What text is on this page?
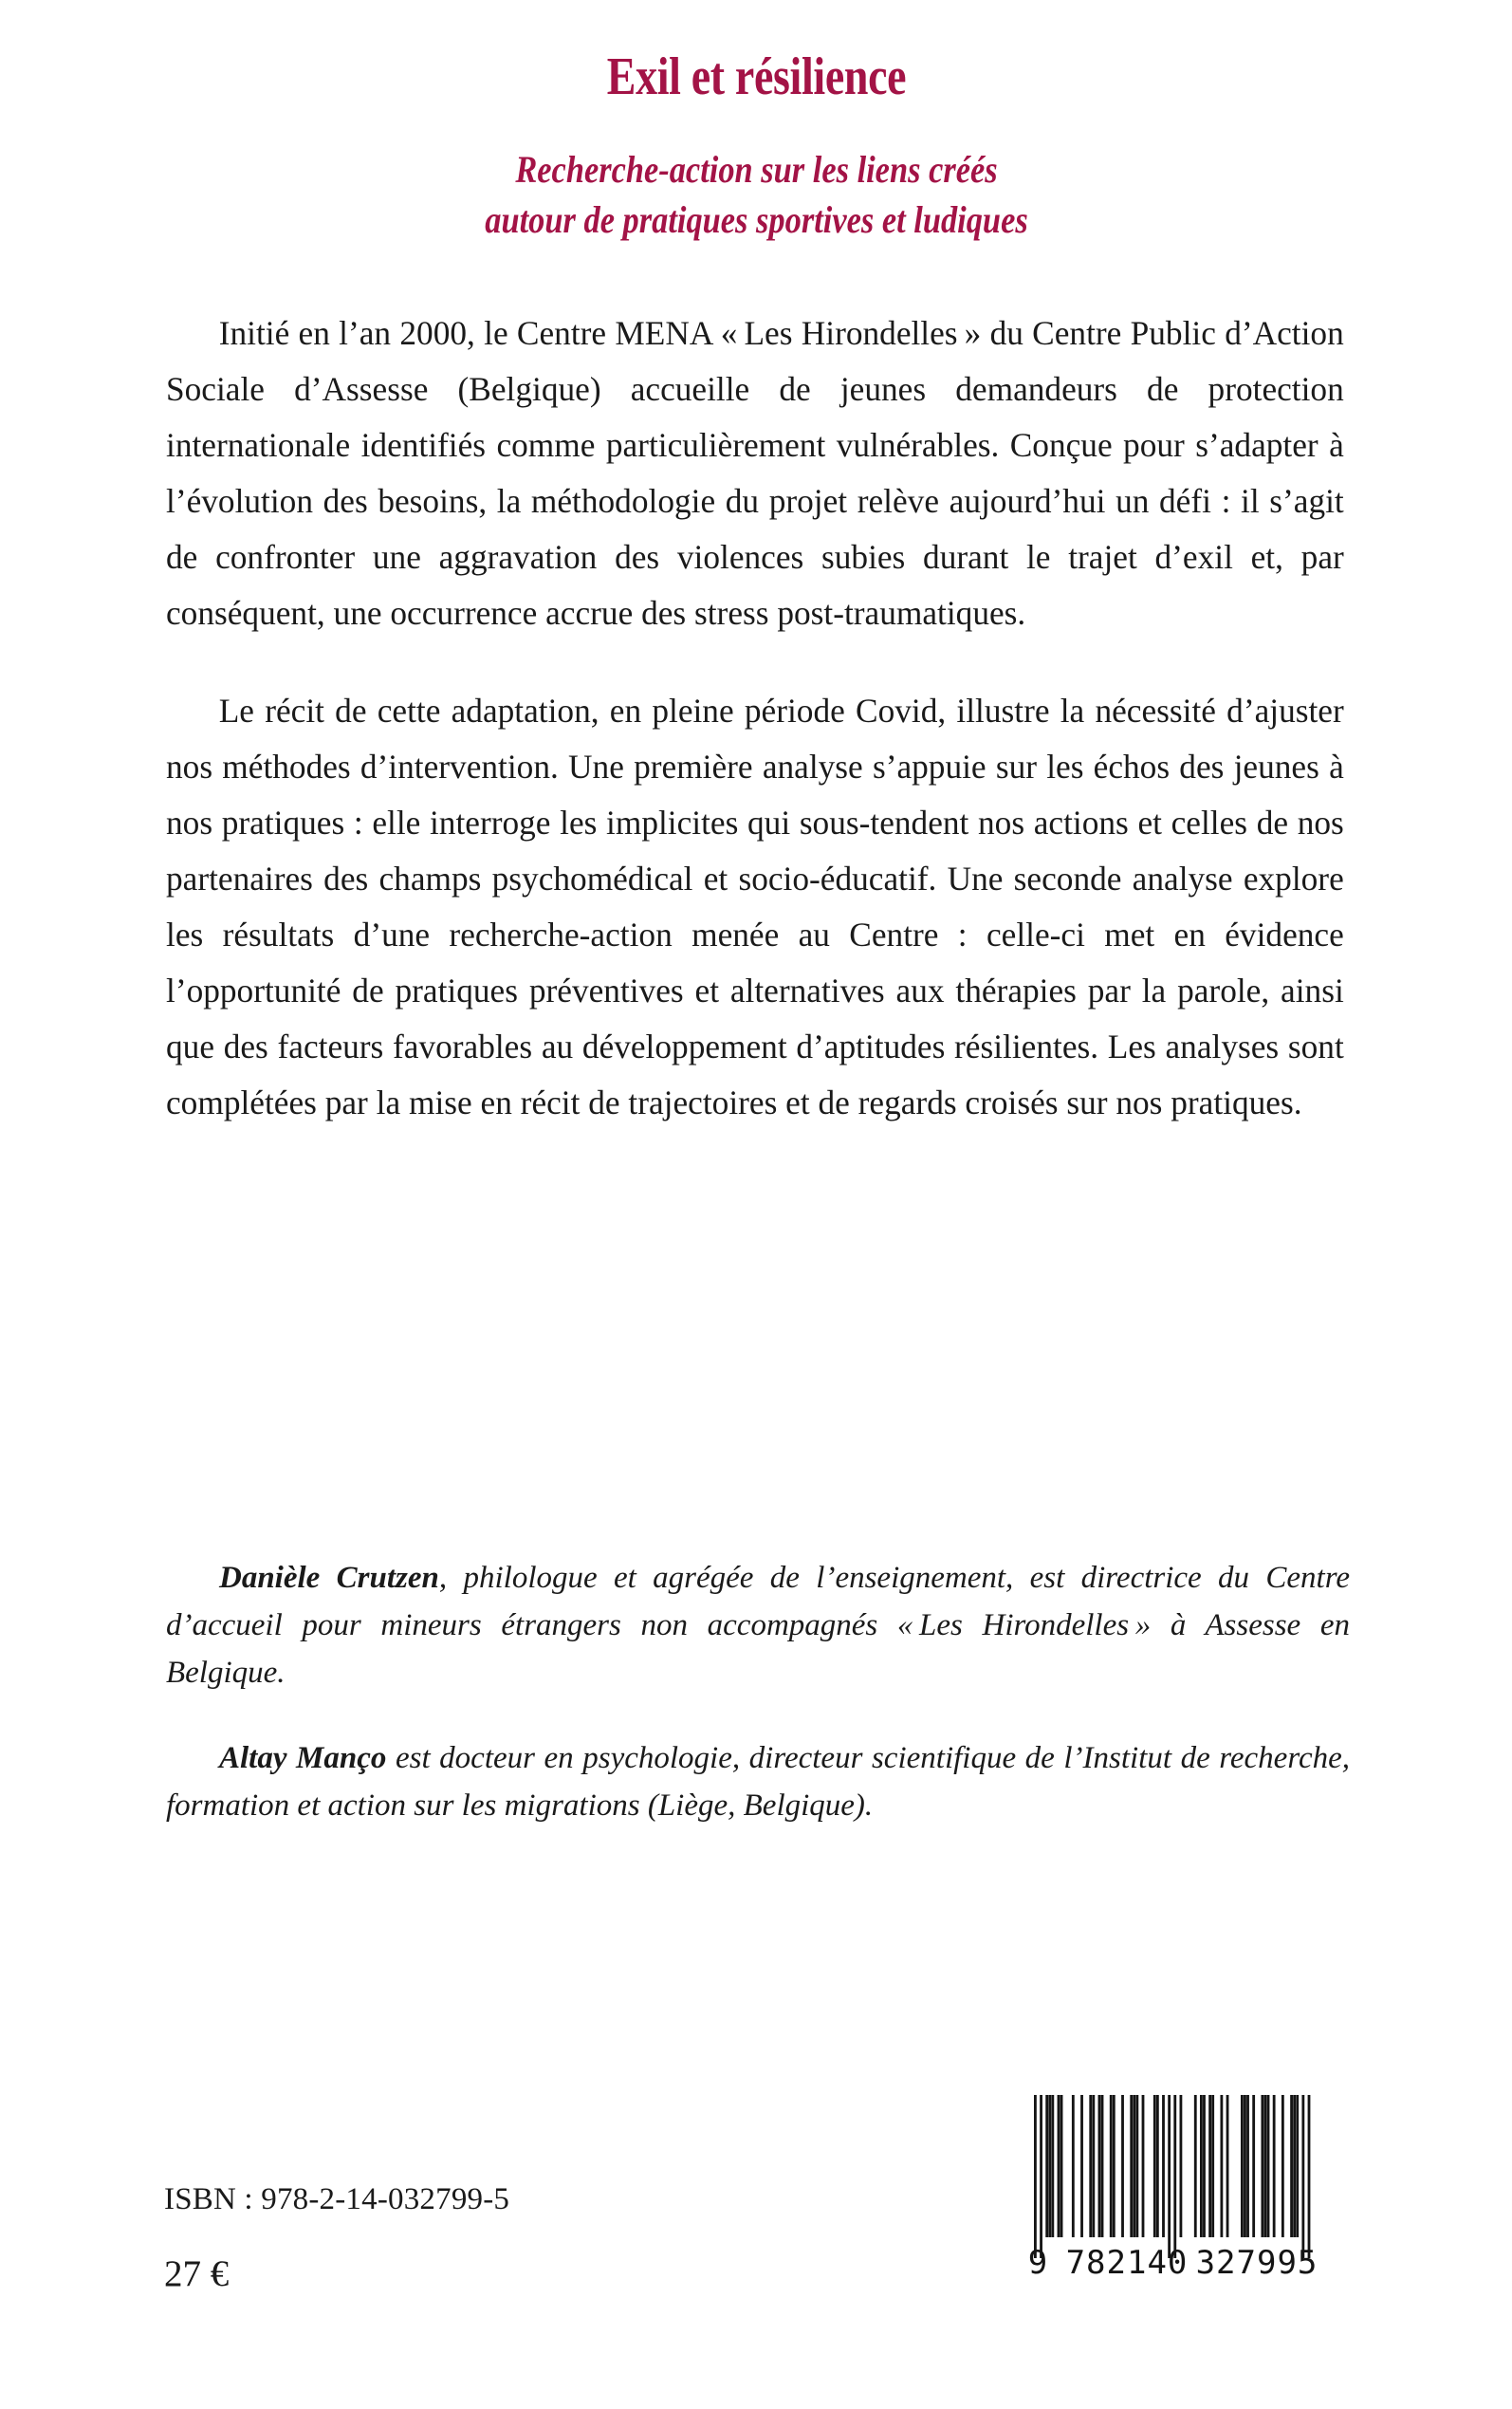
Exil et résilience
Recherche-action sur les liens créés
autour de pratiques sportives et ludiques

Initié en l’an 2000, le Centre MENA « Les Hirondelles » du Centre Public d’Action Sociale d’Assesse (Belgique) accueille de jeunes demandeurs de protection internationale identifiés comme particulièrement vulnérables. Conçue pour s’adapter à l’évolution des besoins, la méthodologie du projet relève aujourd’hui un défi : il s’agit de confronter une aggravation des violences subies durant le trajet d’exil et, par conséquent, une occurrence accrue des stress post-traumatiques.

Le récit de cette adaptation, en pleine période Covid, illustre la nécessité d’ajuster nos méthodes d’intervention. Une première analyse s’appuie sur les échos des jeunes à nos pratiques : elle interroge les implicites qui sous-tendent nos actions et celles de nos partenaires des champs psychomédical et socio-éducatif. Une seconde analyse explore les résultats d’une recherche-action menée au Centre : celle-ci met en évidence l’opportunité de pratiques préventives et alternatives aux thérapies par la parole, ainsi que des facteurs favorables au développement d’aptitudes résilientes. Les analyses sont complétées par la mise en récit de trajectoires et de regards croisés sur nos pratiques.

Danièle Crutzen, philologue et agrégée de l’enseignement, est directrice du Centre d’accueil pour mineurs étrangers non accompagnés « Les Hirondelles » à Assesse en Belgique.

Altay Manço est docteur en psychologie, directeur scientifique de l’Institut de recherche, formation et action sur les migrations (Liège, Belgique).

ISBN : 978-2-14-032799-5
27 €	9 782140 327995
